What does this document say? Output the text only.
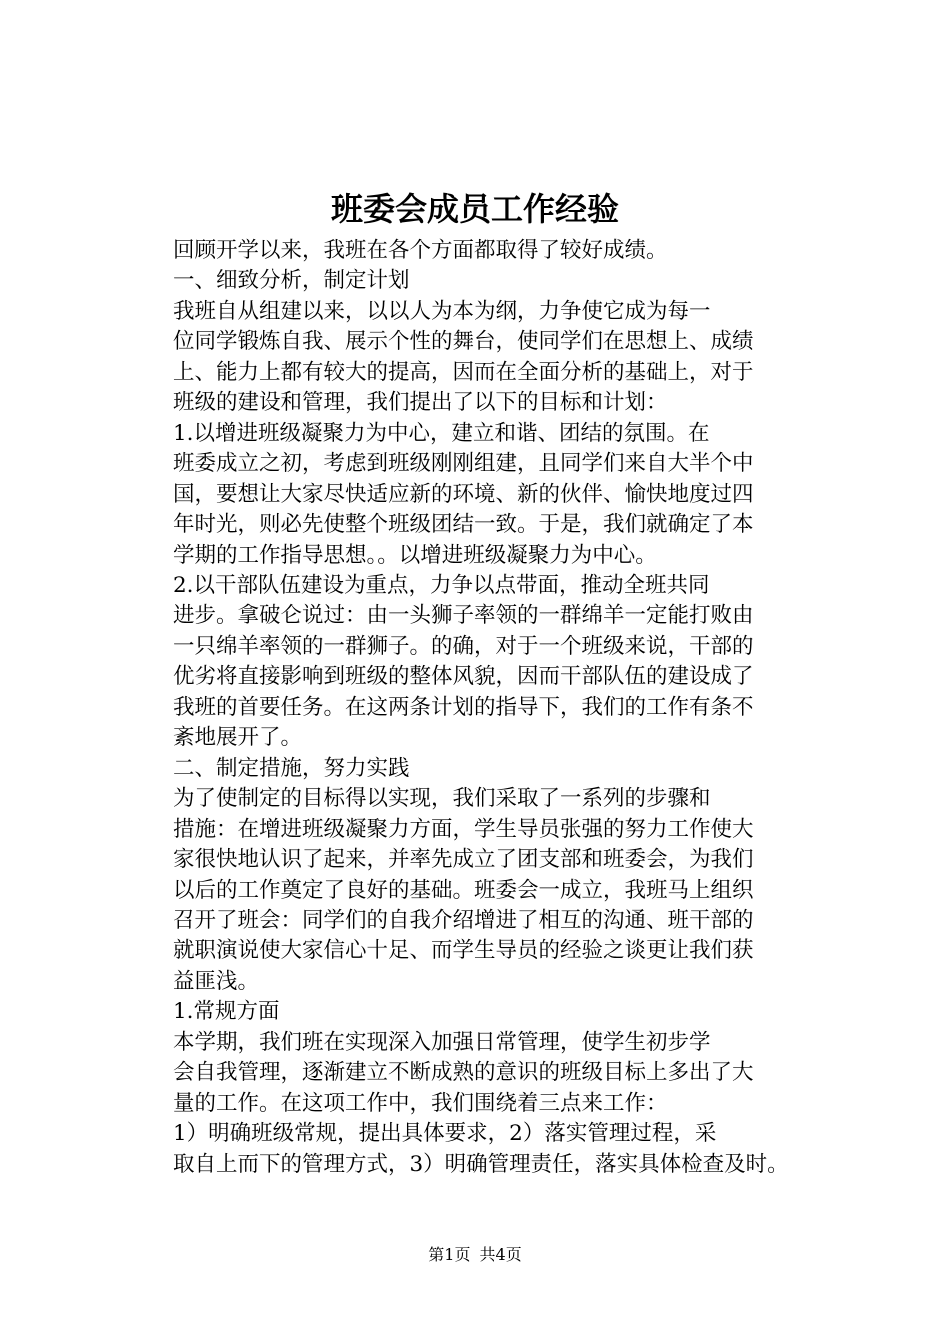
班委会成员工作经验

回顾开学以来，我班在各个方面都取得了较好成绩。

一、细致分析，制定计划

我班自从组建以来，以以人为本为纲，力争使它成为每一
位同学锻炼自我、展示个性的舞台，使同学们在思想上、成绩
上、能力上都有较大的提高，因而在全面分析的基础上，对于
班级的建设和管理，我们提出了以下的目标和计划：

1.以增进班级凝聚力为中心，建立和谐、团结的氛围。在
班委成立之初，考虑到班级刚刚组建，且同学们来自大半个中
国，要想让大家尽快适应新的环境、新的伙伴、愉快地度过四
年时光，则必先使整个班级团结一致。于是，我们就确定了本
学期的工作指导思想。。以增进班级凝聚力为中心。

2.以干部队伍建设为重点，力争以点带面，推动全班共同
进步。拿破仑说过：由一头狮子率领的一群绵羊一定能打败由
一只绵羊率领的一群狮子。的确，对于一个班级来说，干部的
优劣将直接影响到班级的整体风貌，因而干部队伍的建设成了
我班的首要任务。在这两条计划的指导下，我们的工作有条不
紊地展开了。

二、制定措施，努力实践

为了使制定的目标得以实现，我们采取了一系列的步骤和
措施：在增进班级凝聚力方面，学生导员张强的努力工作使大
家很快地认识了起来，并率先成立了团支部和班委会，为我们
以后的工作奠定了良好的基础。班委会一成立，我班马上组织
召开了班会：同学们的自我介绍增进了相互的沟通、班干部的
就职演说使大家信心十足、而学生导员的经验之谈更让我们获
益匪浅。

1.常规方面

本学期，我们班在实现深入加强日常管理，使学生初步学
会自我管理，逐渐建立不断成熟的意识的班级目标上多出了大
量的工作。在这项工作中，我们围绕着三点来工作：

1）明确班级常规，提出具体要求，2）落实管理过程，采
取自上而下的管理方式，3）明确管理责任，落实具体检查及时。

第1页 共4页
